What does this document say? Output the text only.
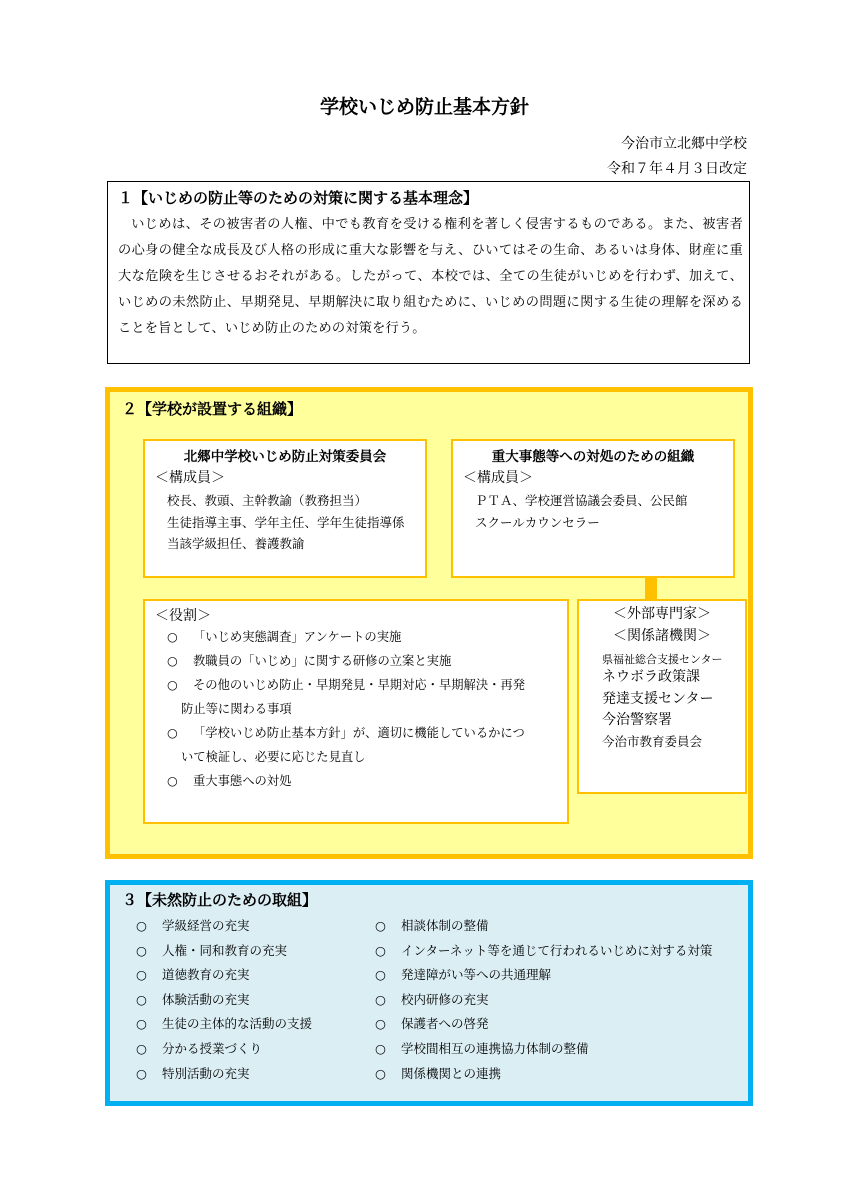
学校いじめ防止基本方針
今治市立北郷中学校
令和７年４月３日改定
１【いじめの防止等のための対策に関する基本理念】
いじめは、その被害者の人権、中でも教育を受ける権利を著しく侵害するものである。また、被害者の心身の健全な成長及び人格の形成に重大な影響を与え、ひいてはその生命、あるいは身体、財産に重大な危険を生じさせるおそれがある。したがって、本校では、全ての生徒がいじめを行わず、加えて、いじめの未然防止、早期発見、早期解決に取り組むために、いじめの問題に関する生徒の理解を深めることを旨として、いじめ防止のための対策を行う。
２【学校が設置する組織】
北郷中学校いじめ防止対策委員会
＜構成員＞
校長、教頭、主幹教諭（教務担当）
生徒指導主事、学年主任、学年生徒指導係
当該学級担任、養護教諭
重大事態等への対処のための組織
＜構成員＞
ＰＴＡ、学校運営協議会委員、公民館
スクールカウンセラー
＜役割＞
○ 「いじめ実態調査」アンケートの実施
○ 教職員の「いじめ」に関する研修の立案と実施
○ その他のいじめ防止・早期発見・早期対応・早期解決・再発
防止等に関わる事項
○ 「学校いじめ防止基本方針」が、適切に機能しているかにつ
いて検証し、必要に応じた見直し
○ 重大事態への対処
＜外部専門家＞
＜関係諸機関＞
県福祉総合支援センター
ネウボラ政策課
発達支援センター
今治警察署
今治市教育委員会
３【未然防止のための取組】
○ 学級経営の充実
○ 人権・同和教育の充実
○ 道徳教育の充実
○ 体験活動の充実
○ 生徒の主体的な活動の支援
○ 分かる授業づくり
○ 特別活動の充実
○ 相談体制の整備
○ インターネット等を通じて行われるいじめに対する対策
○ 発達障がい等への共通理解
○ 校内研修の充実
○ 保護者への啓発
○ 学校間相互の連携協力体制の整備
○ 関係機関との連携
